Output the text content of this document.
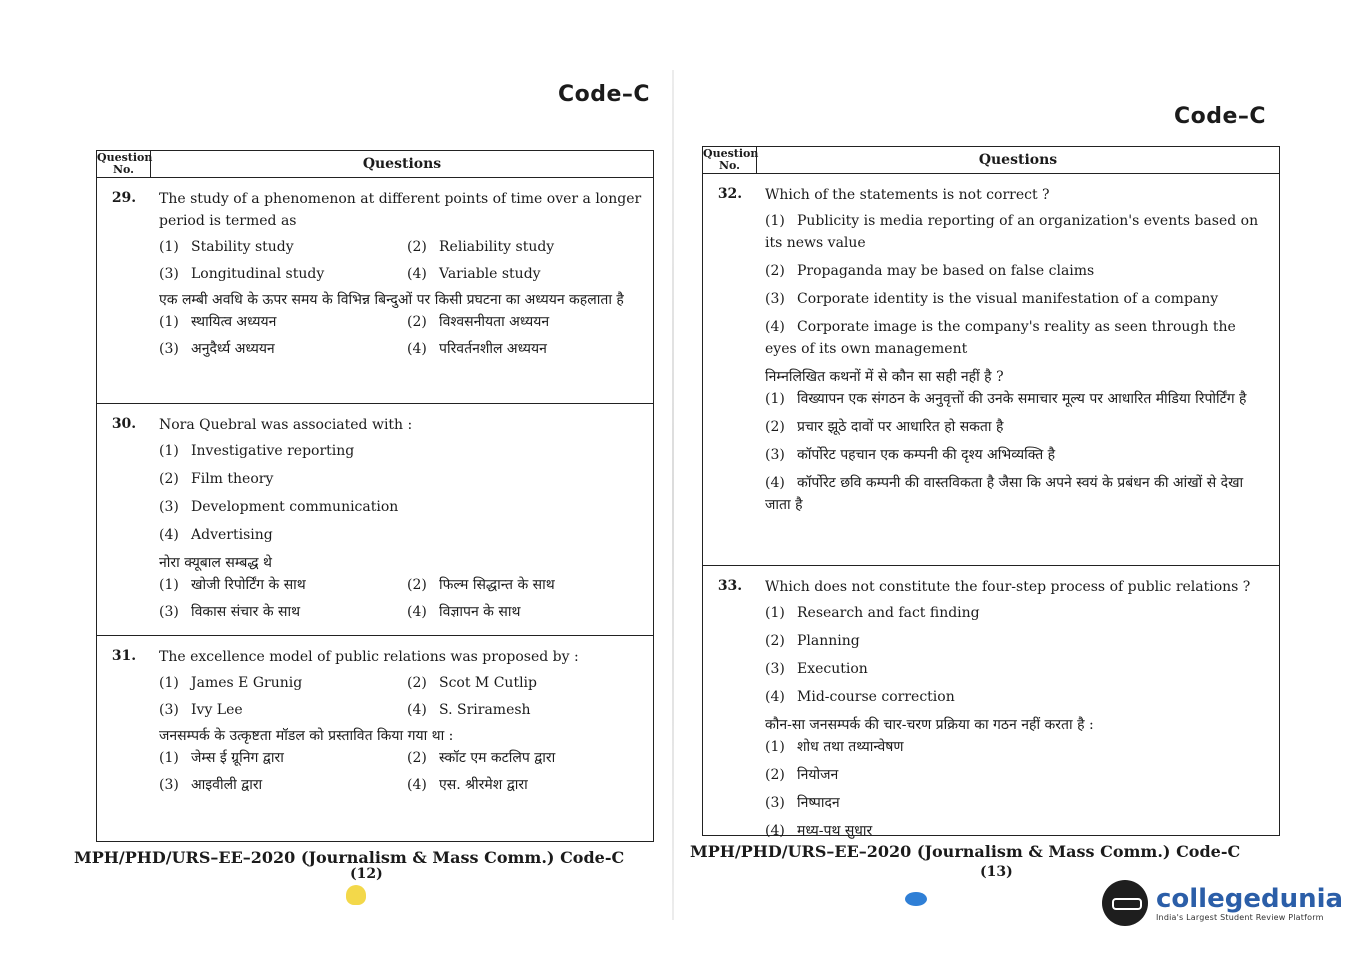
Code–C
Question No.	Questions
29.	The study of a phenomenon at different points of time over a longer period is termed as
(1) Stability study	(2) Reliability study
(3) Longitudinal study	(4) Variable study
एक लम्बी अवधि के ऊपर समय के विभिन्न बिन्दुओं पर किसी प्रघटना का अध्ययन कहलाता है
(1) स्थायित्व अध्ययन	(2) विश्वसनीयता अध्ययन
(3) अनुदैर्ध्य अध्ययन	(4) परिवर्तनशील अध्ययन
30.	Nora Quebral was associated with :
(1) Investigative reporting
(2) Film theory
(3) Development communication
(4) Advertising
नोरा क्यूबाल सम्बद्ध थे
(1) खोजी रिपोर्टिंग के साथ	(2) फिल्म सिद्धान्त के साथ
(3) विकास संचार के साथ	(4) विज्ञापन के साथ
31.	The excellence model of public relations was proposed by :
(1) James E Grunig	(2) Scot M Cutlip
(3) Ivy Lee	(4) S. Sriramesh
जनसम्पर्क के उत्कृष्टता मॉडल को प्रस्तावित किया गया था :
(1) जेम्स ई ग्रूनिग द्वारा	(2) स्कॉट एम कटलिप द्वारा
(3) आइवीली द्वारा	(4) एस. श्रीरमेश द्वारा
MPH/PHD/URS–EE–2020 (Journalism & Mass Comm.) Code-C
(12)
Code–C
Question No.	Questions
32.	Which of the statements is not correct ?
(1) Publicity is media reporting of an organization's events based on its news value
(2) Propaganda may be based on false claims
(3) Corporate identity is the visual manifestation of a company
(4) Corporate image is the company's reality as seen through the eyes of its own management
निम्नलिखित कथनों में से कौन सा सही नहीं है ?
(1) विख्यापन एक संगठन के अनुवृत्तों की उनके समाचार मूल्य पर आधारित मीडिया रिपोर्टिंग है
(2) प्रचार झूठे दावों पर आधारित हो सकता है
(3) कॉर्पोरेट पहचान एक कम्पनी की दृश्य अभिव्यक्ति है
(4) कॉर्पोरेट छवि कम्पनी की वास्तविकता है जैसा कि अपने स्वयं के प्रबंधन की आंखों से देखा जाता है
33.	Which does not constitute the four-step process of public relations ?
(1) Research and fact finding
(2) Planning
(3) Execution
(4) Mid-course correction
कौन-सा जनसम्पर्क की चार-चरण प्रक्रिया का गठन नहीं करता है :
(1) शोध तथा तथ्यान्वेषण
(2) नियोजन
(3) निष्पादन
(4) मध्य-पथ सुधार
MPH/PHD/URS–EE–2020 (Journalism & Mass Comm.) Code-C
(13)
collegedunia
India's Largest Student Review Platform
